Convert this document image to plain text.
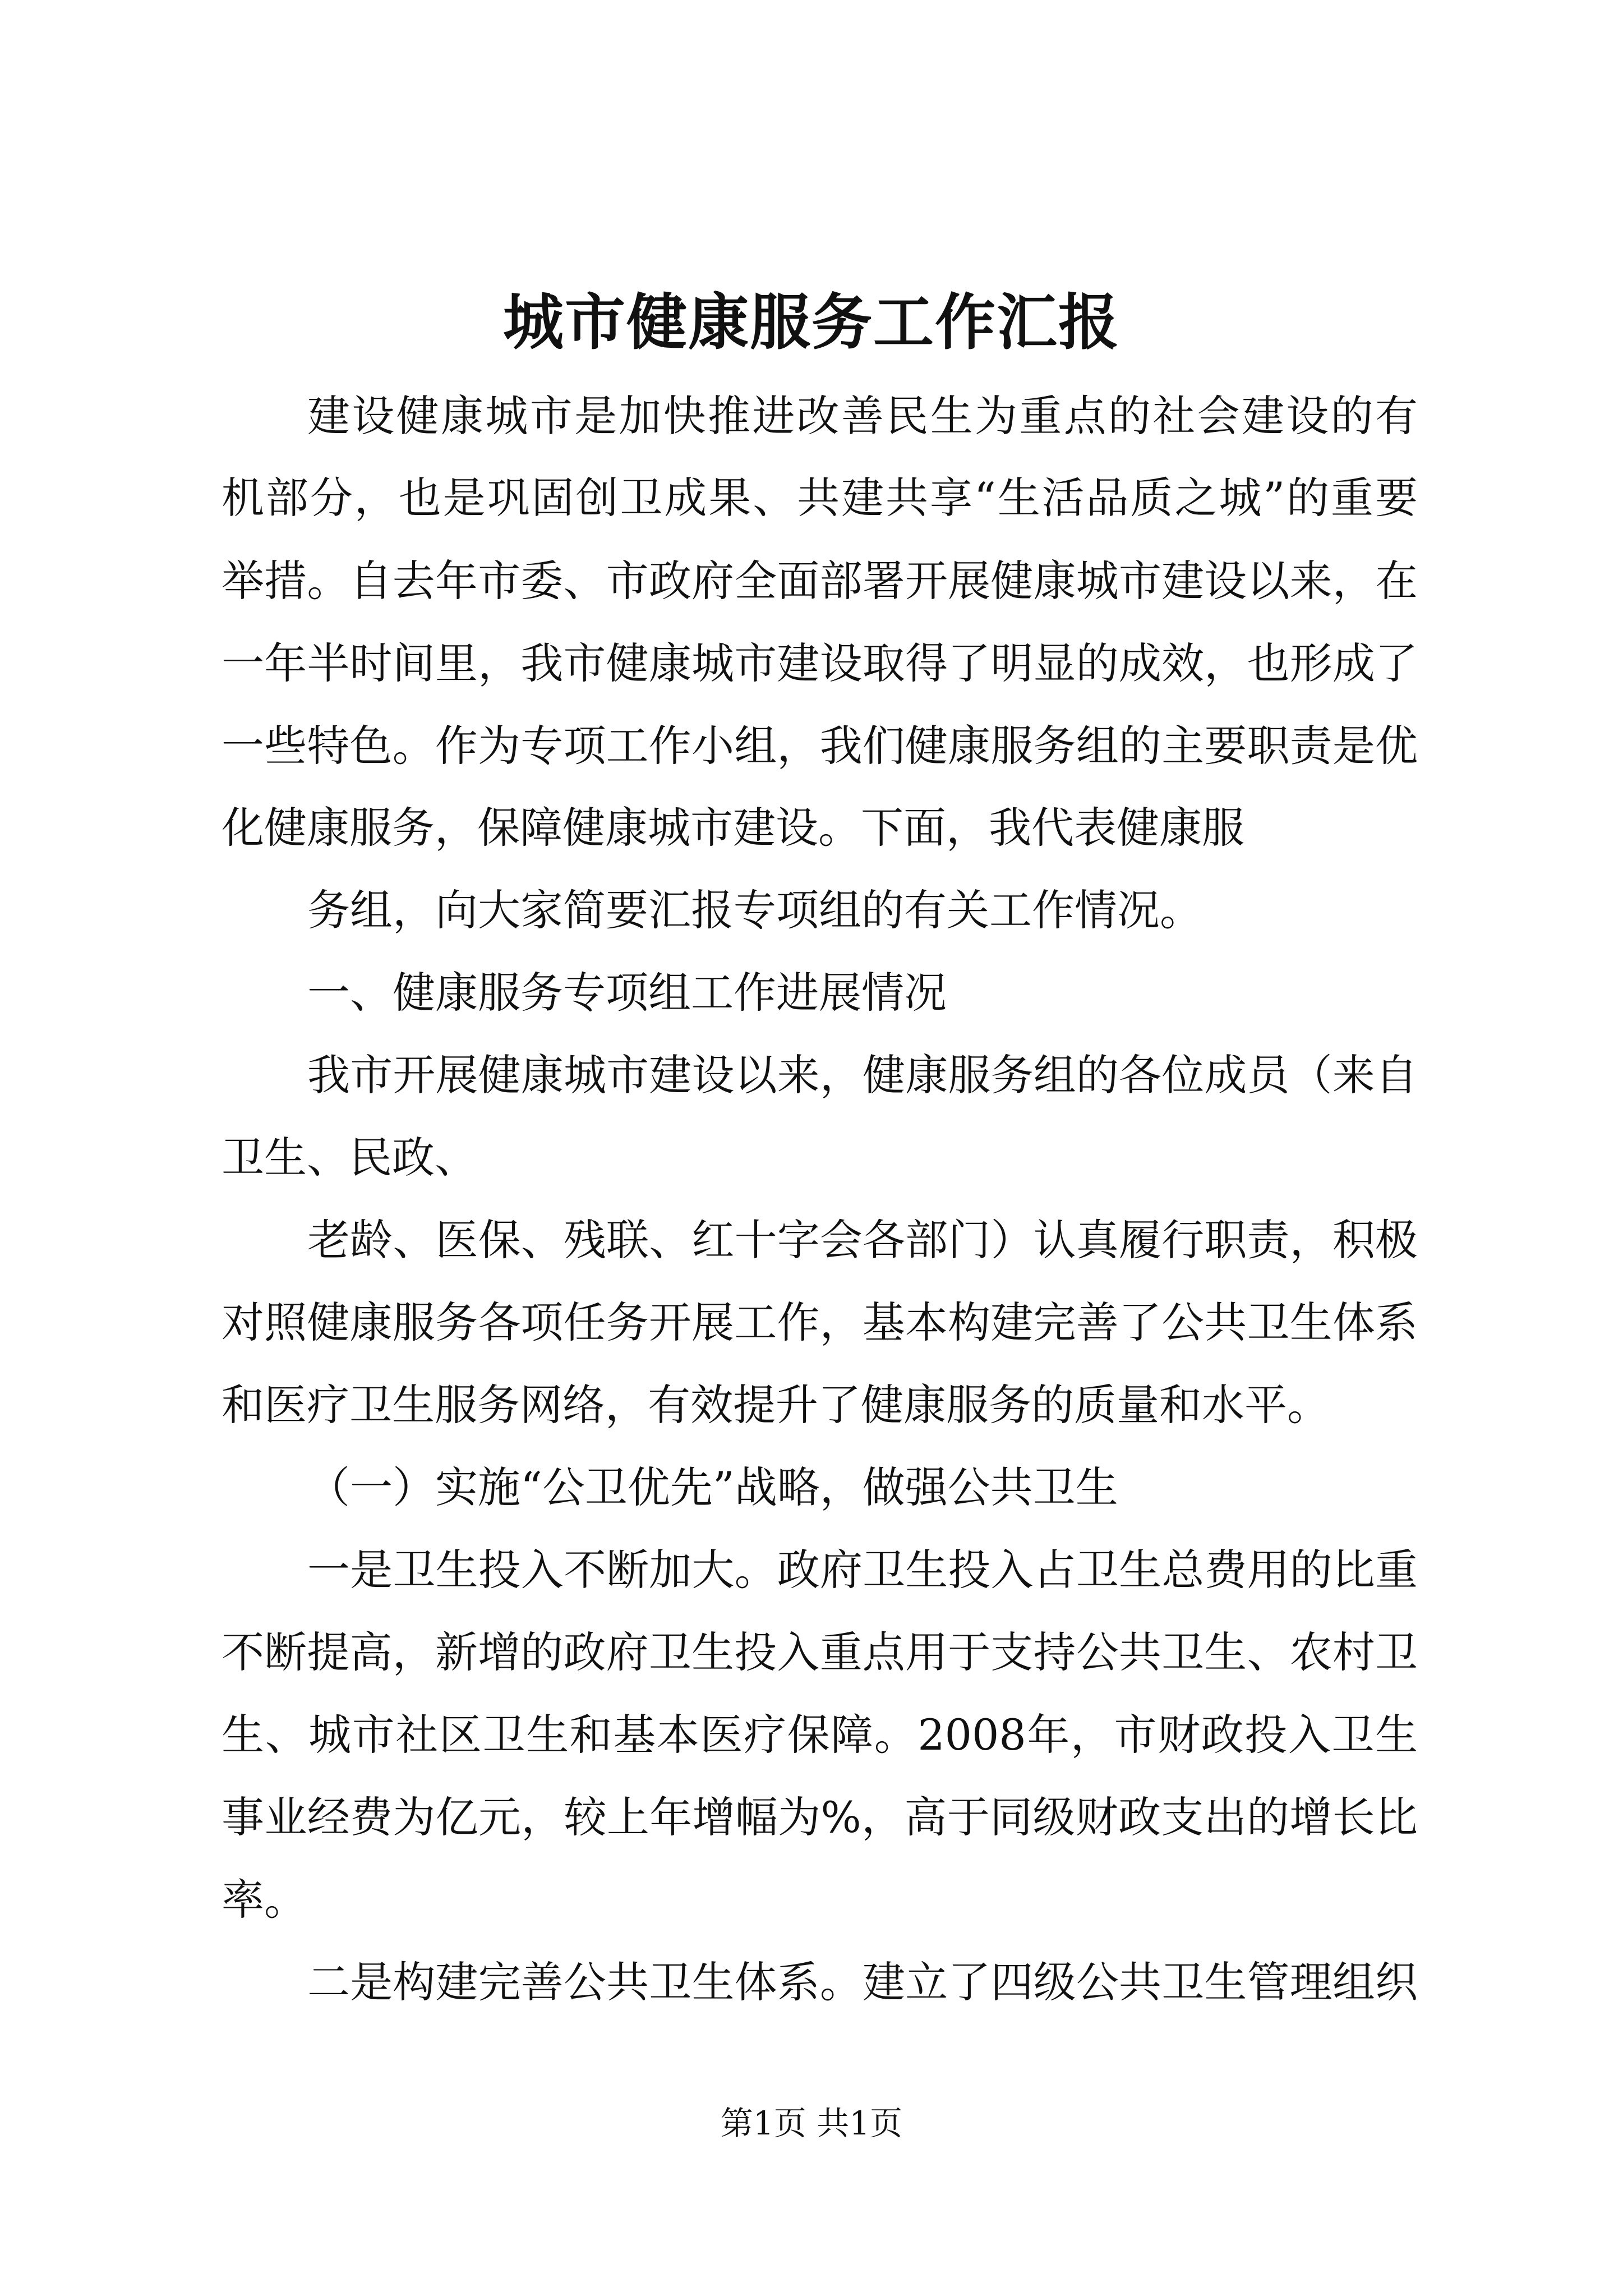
城市健康服务工作汇报

建设健康城市是加快推进改善民生为重点的社会建设的有

机部分，也是巩固创卫成果、共建共享“生活品质之城”的重要

举措。自去年市委、市政府全面部署开展健康城市建设以来，在

一年半时间里，我市健康城市建设取得了明显的成效，也形成了

一些特色。作为专项工作小组，我们健康服务组的主要职责是优

化健康服务，保障健康城市建设。下面，我代表健康服

务组，向大家简要汇报专项组的有关工作情况。

一、健康服务专项组工作进展情况

我市开展健康城市建设以来，健康服务组的各位成员（来自

卫生、民政、

老龄、医保、残联、红十字会各部门）认真履行职责，积极

对照健康服务各项任务开展工作，基本构建完善了公共卫生体系

和医疗卫生服务网络，有效提升了健康服务的质量和水平。

（一）实施“公卫优先”战略，做强公共卫生

一是卫生投入不断加大。政府卫生投入占卫生总费用的比重

不断提高，新增的政府卫生投入重点用于支持公共卫生、农村卫

生、城市社区卫生和基本医疗保障。2008年，市财政投入卫生

事业经费为亿元，较上年增幅为%，高于同级财政支出的增长比

率。

二是构建完善公共卫生体系。建立了四级公共卫生管理组织

第1页 共1页
